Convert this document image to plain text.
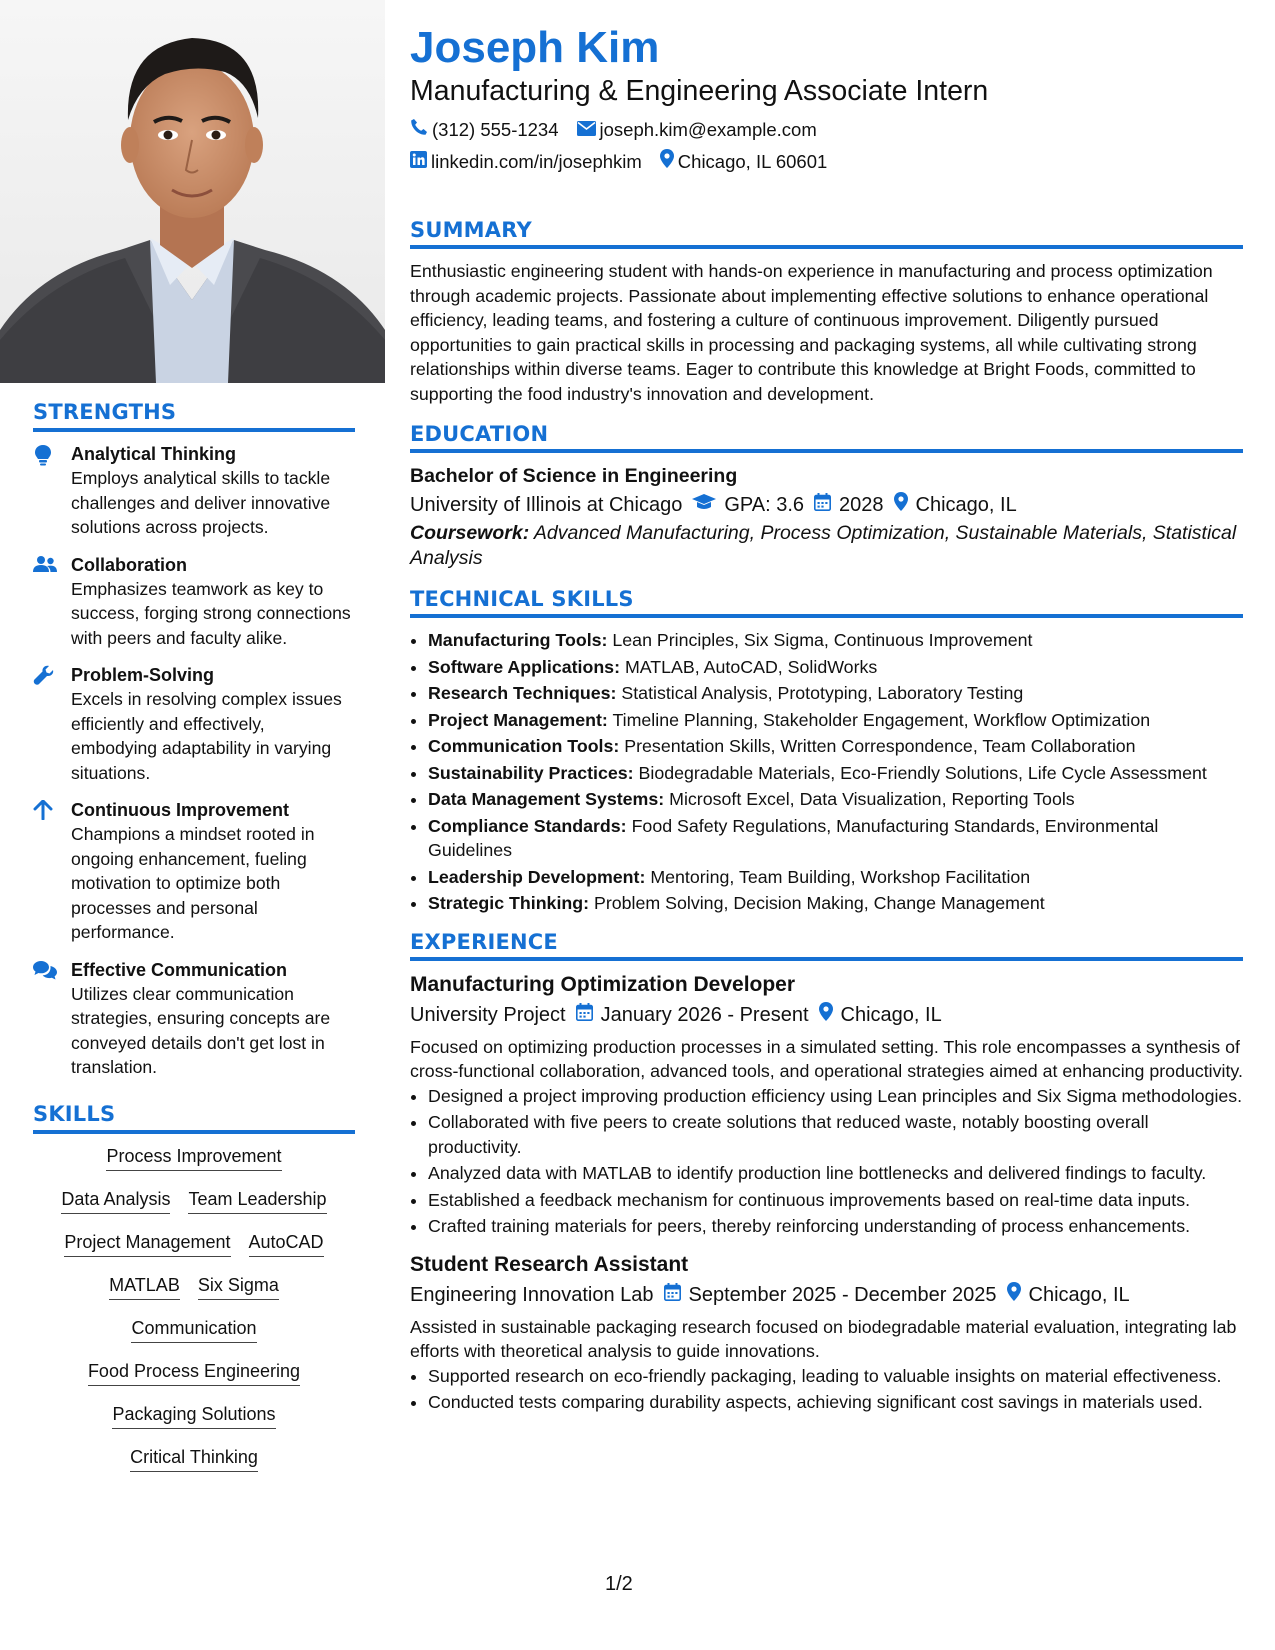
STRENGTHS
Analytical Thinking
Employs analytical skills to tackle challenges and deliver innovative solutions across projects.
Collaboration
Emphasizes teamwork as key to success, forging strong connections with peers and faculty alike.
Problem-Solving
Excels in resolving complex issues efficiently and effectively, embodying adaptability in varying situations.
Continuous Improvement
Champions a mindset rooted in ongoing enhancement, fueling motivation to optimize both processes and personal performance.
Effective Communication
Utilizes clear communication strategies, ensuring concepts are conveyed details don't get lost in translation.
SKILLS
Process Improvement
Data Analysis Team Leadership
Project Management AutoCAD
MATLAB Six Sigma
Communication
Food Process Engineering
Packaging Solutions
Critical Thinking
Joseph Kim
Manufacturing & Engineering Associate Intern
(312) 555-1234 joseph.kim@example.com
linkedin.com/in/josephkim Chicago, IL 60601
SUMMARY

Enthusiastic engineering student with hands-on experience in manufacturing and process optimization through academic projects. Passionate about implementing effective solutions to enhance operational efficiency, leading teams, and fostering a culture of continuous improvement. Diligently pursued opportunities to gain practical skills in processing and packaging systems, all while cultivating strong relationships within diverse teams. Eager to contribute this knowledge at Bright Foods, committed to supporting the food industry's innovation and development.

EDUCATION
Bachelor of Science in Engineering
University of Illinois at Chicago GPA: 3.6 2028 Chicago, IL
Coursework: Advanced Manufacturing, Process Optimization, Sustainable Materials, Statistical Analysis
TECHNICAL SKILLS
• Manufacturing Tools: Lean Principles, Six Sigma, Continuous Improvement
• Software Applications: MATLAB, AutoCAD, SolidWorks
• Research Techniques: Statistical Analysis, Prototyping, Laboratory Testing
• Project Management: Timeline Planning, Stakeholder Engagement, Workflow Optimization
• Communication Tools: Presentation Skills, Written Correspondence, Team Collaboration
• Sustainability Practices: Biodegradable Materials, Eco-Friendly Solutions, Life Cycle Assessment
• Data Management Systems: Microsoft Excel, Data Visualization, Reporting Tools
• Compliance Standards: Food Safety Regulations, Manufacturing Standards, Environmental Guidelines
• Leadership Development: Mentoring, Team Building, Workshop Facilitation
• Strategic Thinking: Problem Solving, Decision Making, Change Management
EXPERIENCE
Manufacturing Optimization Developer
University Project January 2026 - Present Chicago, IL

Focused on optimizing production processes in a simulated setting. This role encompasses a synthesis of cross-functional collaboration, advanced tools, and operational strategies aimed at enhancing productivity.

• Designed a project improving production efficiency using Lean principles and Six Sigma methodologies.
• Collaborated with five peers to create solutions that reduced waste, notably boosting overall productivity.
• Analyzed data with MATLAB to identify production line bottlenecks and delivered findings to faculty.
• Established a feedback mechanism for continuous improvements based on real-time data inputs.
• Crafted training materials for peers, thereby reinforcing understanding of process enhancements.
Student Research Assistant
Engineering Innovation Lab September 2025 - December 2025 Chicago, IL

Assisted in sustainable packaging research focused on biodegradable material evaluation, integrating lab efforts with theoretical analysis to guide innovations.

• Supported research on eco-friendly packaging, leading to valuable insights on material effectiveness.
• Conducted tests comparing durability aspects, achieving significant cost savings in materials used.
1/2
